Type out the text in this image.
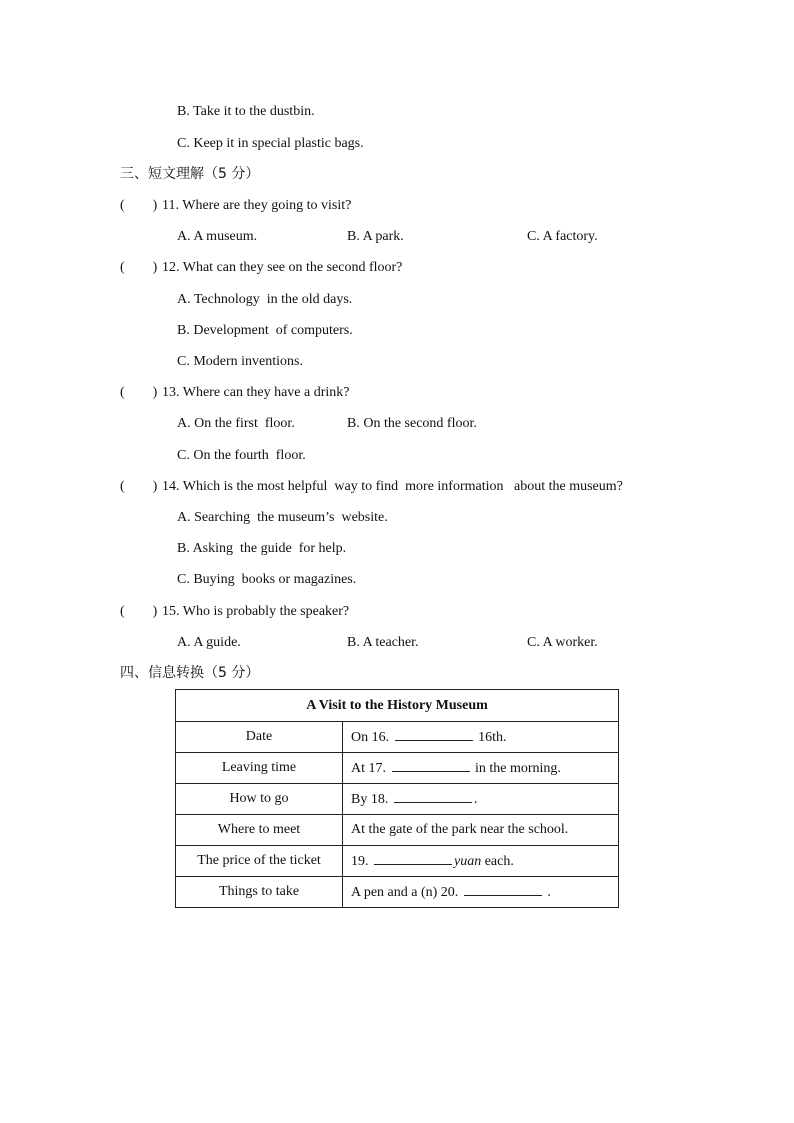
B. Take it to the dustbin.
C. Keep it in special plastic bags.
三、短文理解（5 分）
(        ) 11. Where are they going to visit?
A. A museum.	B. A park.	C. A factory.
(        ) 12. What can they see on the second floor?
A. Technology  in the old days.
B. Development  of computers.
C. Modern inventions.
(        ) 13. Where can they have a drink?
A. On the first  floor.	B. On the second floor.
C. On the fourth  floor.
(        ) 14. Which is the most helpful  way to find  more information   about the museum?
A. Searching  the museum’s  website.
B. Asking  the guide  for help.
C. Buying  books or magazines.
(        ) 15. Who is probably the speaker?
A. A guide.	B. A teacher.	C. A worker.
四、信息转换（5 分）
A Visit to the History Museum	
Date	On 16. 16th.
Leaving time	At 17. in the morning.
How to go	By 18. .
Where to meet	At the gate of the park near the school.
The price of the ticket	19. yuan each.
Things to take	A pen and a (n) 20. .
